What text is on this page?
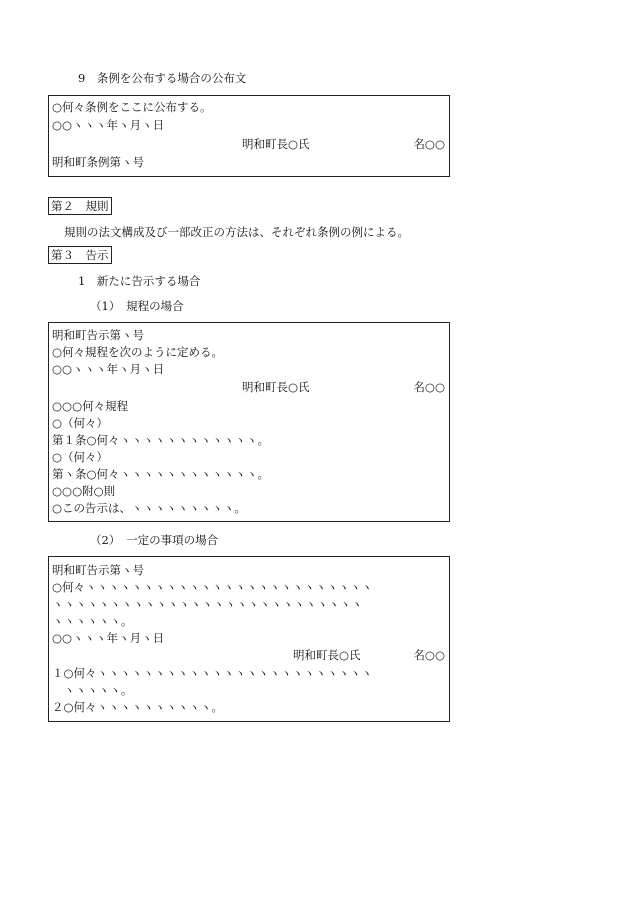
9　条例を公布する場合の公布文
○何々条例をここに公布する。
○○ヽヽヽ年ヽ月ヽ日
明和町長○氏	名○○
明和町条例第ヽ号
第２　規則
規則の法文構成及び一部改正の方法は、それぞれ条例の例による。
第３　告示
1　新たに告示する場合
（1）　規程の場合
明和町告示第ヽ号
○何々規程を次のように定める。
○○ヽヽヽ年ヽ月ヽ日
明和町長○氏	名○○
○○○何々規程
○（何々）
第１条○何々ヽヽヽヽヽヽヽヽヽヽヽヽ。
○（何々）
第ヽ条○何々ヽヽヽヽヽヽヽヽヽヽヽヽ。
○○○附○則
○この告示は、ヽヽヽヽヽヽヽヽヽ。
（2）　一定の事項の場合
明和町告示第ヽ号
○何々ヽヽヽヽヽヽヽヽヽヽヽヽヽヽヽヽヽヽヽヽヽヽヽヽヽ
ヽヽヽヽヽヽヽヽヽヽヽヽヽヽヽヽヽヽヽヽヽヽヽヽヽヽヽ
ヽヽヽヽヽヽ。
○○ヽヽヽ年ヽ月ヽ日
明和町長○氏	名○○
１○何々ヽヽヽヽヽヽヽヽヽヽヽヽヽヽヽヽヽヽヽヽヽヽヽヽ
　ヽヽヽヽヽ。
２○何々ヽヽヽヽヽヽヽヽヽヽ。
